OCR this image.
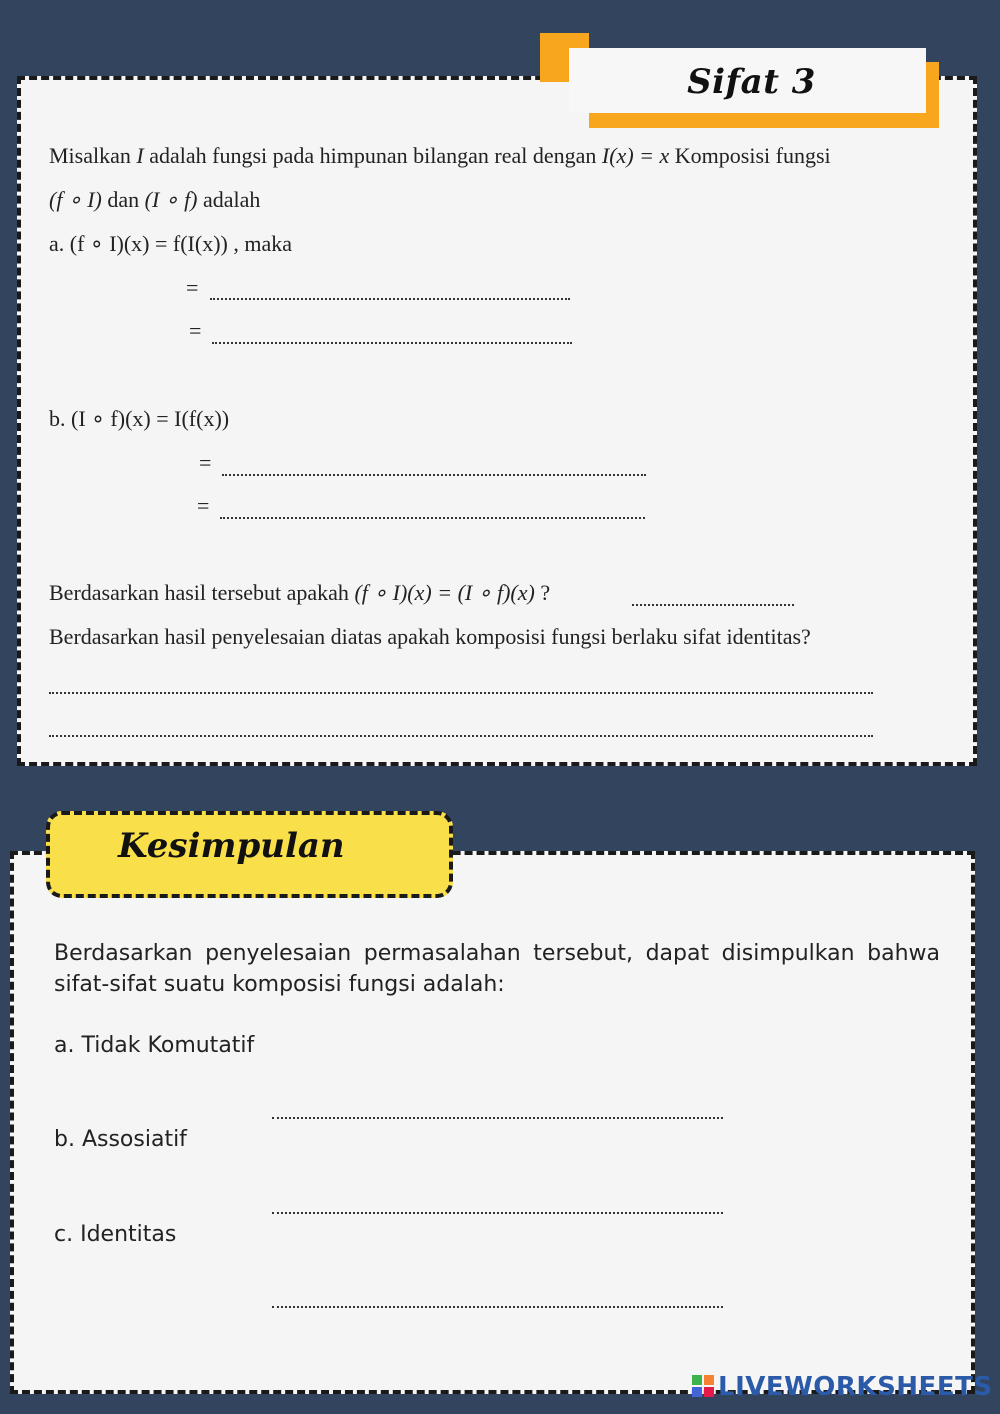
Sifat 3
Misalkan I adalah fungsi pada himpunan bilangan real dengan I(x) = x Komposisi fungsi
(f ∘ I) dan (I ∘ f) adalah
a. (f ∘ I)(x) = f(I(x)) , maka
=
=
b. (I ∘ f)(x) = I(f(x))
=
=
Berdasarkan hasil tersebut apakah (f ∘ I)(x) = (I ∘ f)(x) ?
Berdasarkan hasil penyelesaian diatas apakah komposisi fungsi berlaku sifat identitas?
Kesimpulan
Berdasarkan penyelesaian permasalahan tersebut, dapat disimpulkan bahwa sifat-sifat suatu komposisi fungsi adalah:
a. Tidak Komutatif
b. Assosiatif
c. Identitas
LIVEWORKSHEETS
